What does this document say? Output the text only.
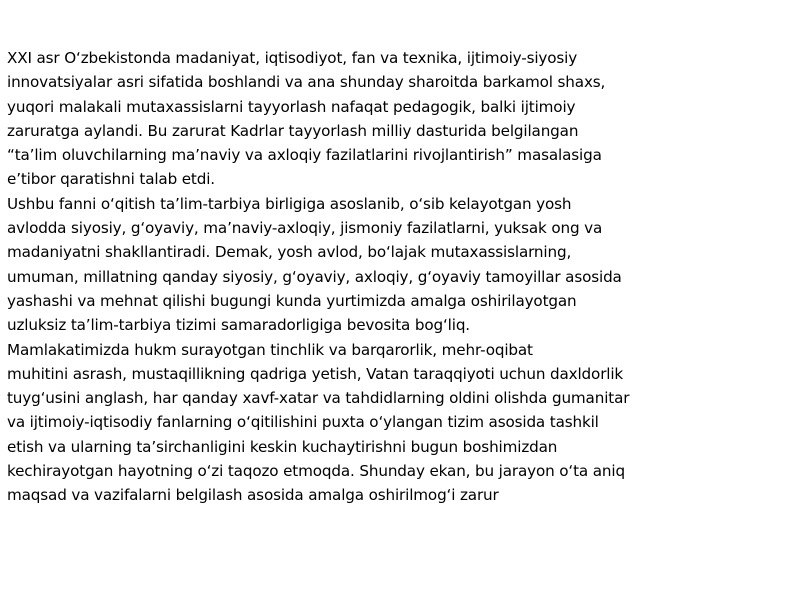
XXI asr O‘zbekistonda madaniyat, iqtisodiyot, fan va texnika, ijtimoiy-siyosiy
innovatsiyalar asri sifatida boshlandi va ana shunday sharoitda barkamol shaxs,
yuqori malakali mutaxassislarni tayyorlash nafaqat pedagogik, balki ijtimoiy
zaruratga aylandi. Bu zarurat Kadrlar tayyorlash milliy dasturida belgilangan
“ta’lim oluvchilarning ma’naviy va axloqiy fazilatlarini rivojlantirish” masalasiga
e’tibor qaratishni talab etdi.
Ushbu fanni o‘qitish ta’lim-tarbiya birligiga asoslanib, o‘sib kelayotgan yosh
avlodda siyosiy, g‘oyaviy, ma’naviy-axloqiy, jismoniy fazilatlarni, yuksak ong va
madaniyatni shakllantiradi. Demak, yosh avlod, bo‘lajak mutaxassislarning,
umuman, millatning qanday siyosiy, g‘oyaviy, axloqiy, g‘oyaviy tamoyillar asosida
yashashi va mehnat qilishi bugungi kunda yurtimizda amalga oshirilayotgan
uzluksiz ta’lim-tarbiya tizimi samaradorligiga bevosita bog‘liq.
Mamlakatimizda hukm surayotgan tinchlik va barqarorlik, mehr-oqibat
muhitini asrash, mustaqillikning qadriga yetish, Vatan taraqqiyoti uchun daxldorlik
tuyg‘usini anglash, har qanday xavf-xatar va tahdidlarning oldini olishda gumanitar
va ijtimoiy-iqtisodiy fanlarning o‘qitilishini puxta o‘ylangan tizim asosida tashkil
etish va ularning ta’sirchanligini keskin kuchaytirishni bugun boshimizdan
kechirayotgan hayotning o‘zi taqozo etmoqda. Shunday ekan, bu jarayon o‘ta aniq
maqsad va vazifalarni belgilash asosida amalga oshirilmog‘i zarur
